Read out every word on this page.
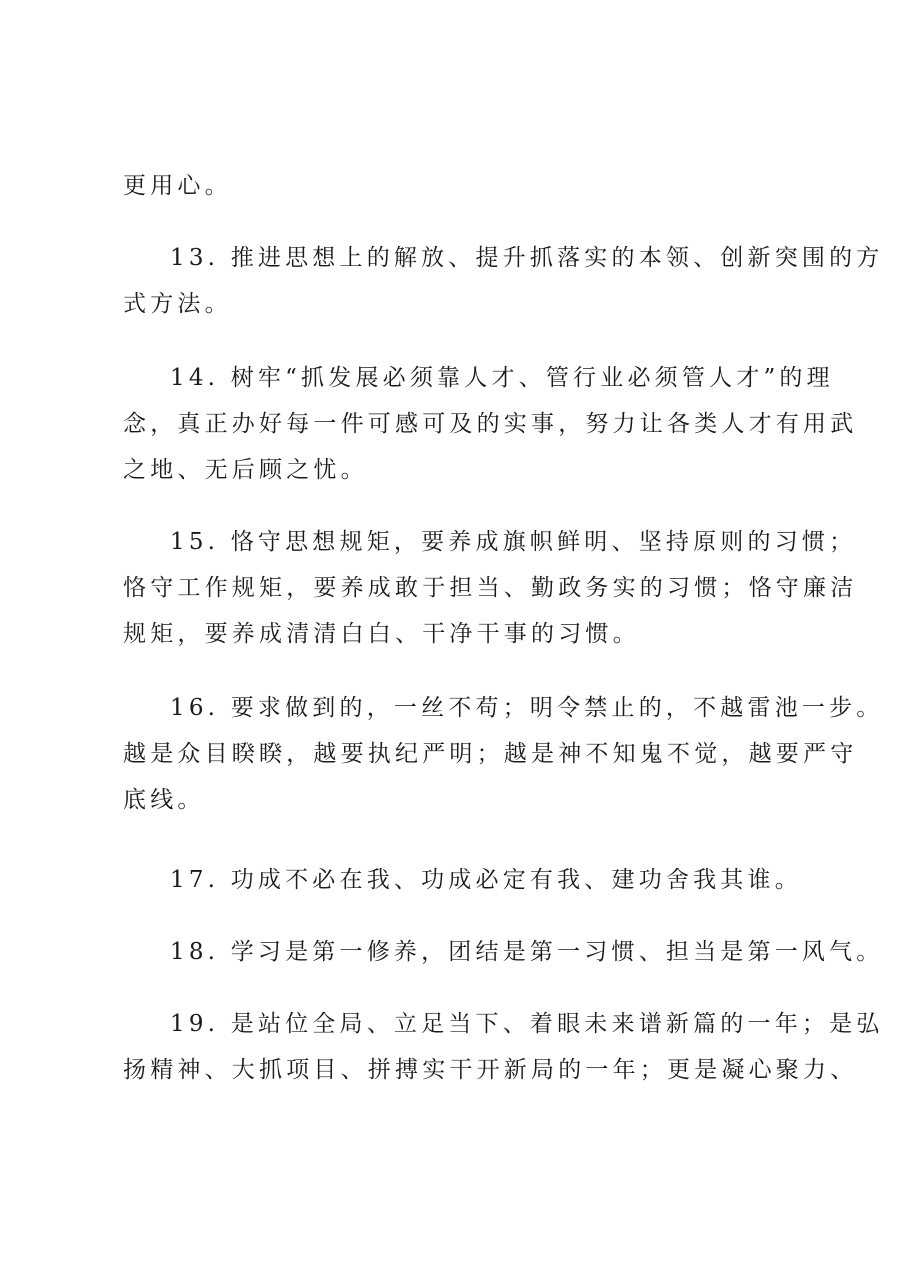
更用心。
13. 推进思想上的解放、提升抓落实的本领、创新突围的方
式方法。
14. 树牢“抓发展必须靠人才、管行业必须管人才”的理
念，真正办好每一件可感可及的实事，努力让各类人才有用武
之地、无后顾之忧。
15. 恪守思想规矩，要养成旗帜鲜明、坚持原则的习惯；
恪守工作规矩，要养成敢于担当、勤政务实的习惯；恪守廉洁
规矩，要养成清清白白、干净干事的习惯。
16. 要求做到的，一丝不苟；明令禁止的，不越雷池一步。
越是众目睽睽，越要执纪严明；越是神不知鬼不觉，越要严守
底线。
17. 功成不必在我、功成必定有我、建功舍我其谁。
18. 学习是第一修养，团结是第一习惯、担当是第一风气。
19. 是站位全局、立足当下、着眼未来谱新篇的一年；是弘
扬精神、大抓项目、拼搏实干开新局的一年；更是凝心聚力、
